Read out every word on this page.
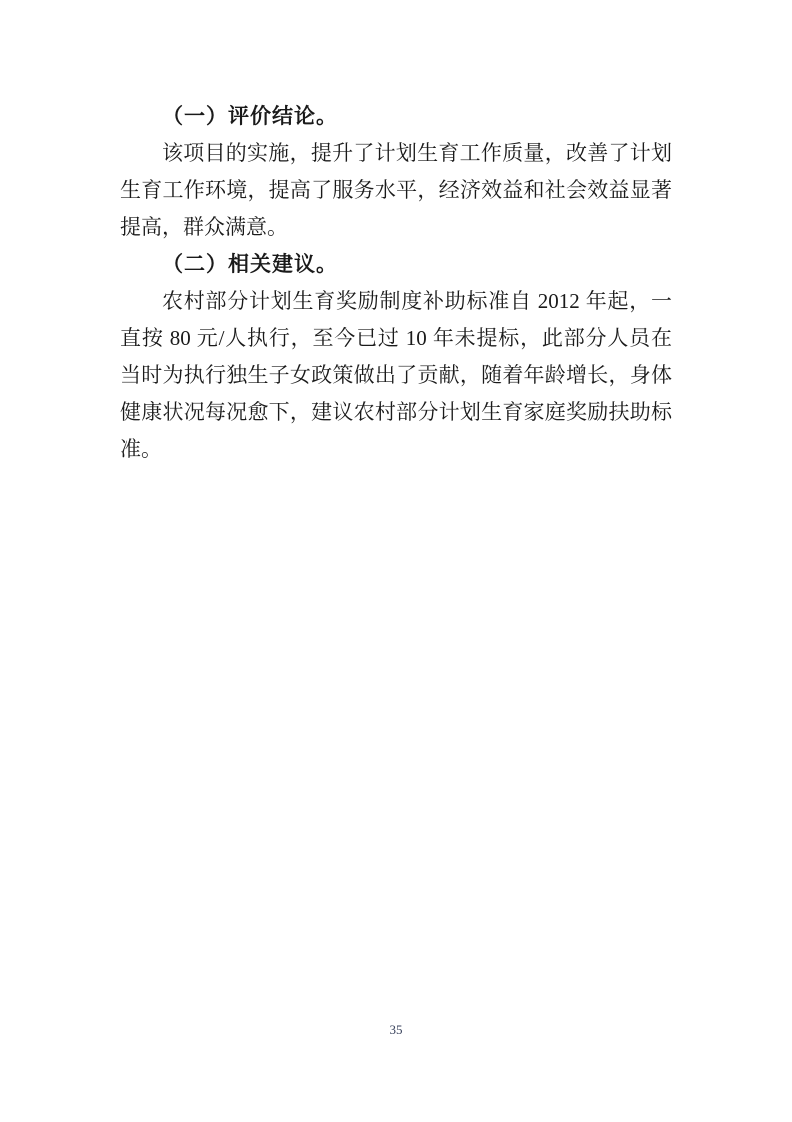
（一）评价结论。
该项目的实施，提升了计划生育工作质量，改善了计划
生育工作环境，提高了服务水平，经济效益和社会效益显著
提高，群众满意。
（二）相关建议。
农村部分计划生育奖励制度补助标准自 2012 年起，一
直按 80 元/人执行，至今已过 10 年未提标，此部分人员在
当时为执行独生子女政策做出了贡献，随着年龄增长，身体
健康状况每况愈下，建议农村部分计划生育家庭奖励扶助标
准。
35
